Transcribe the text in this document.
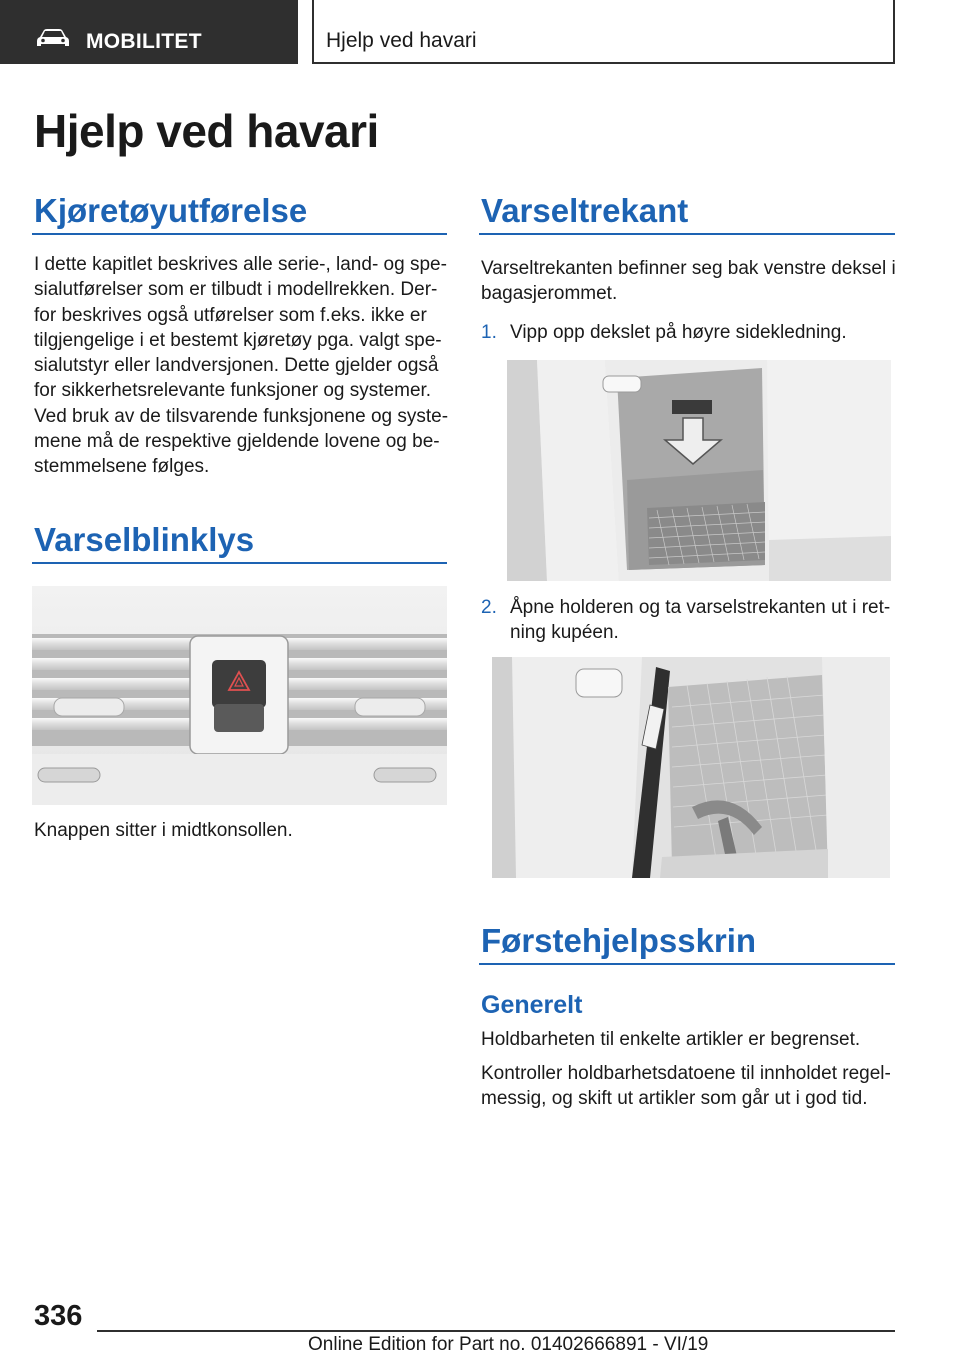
MOBILITET	Hjelp ved havari
Hjelp ved havari
Kjøretøyutførelse
I dette kapitlet beskrives alle serie-, land- og spe-
sialutførelser som er tilbudt i modellrekken. Der-
for beskrives også utførelser som f.eks. ikke er
tilgjengelige i et bestemt kjøretøy pga. valgt spe-
sialutstyr eller landversjonen. Dette gjelder også
for sikkerhetsrelevante funksjoner og systemer.
Ved bruk av de tilsvarende funksjonene og syste-
mene må de respektive gjeldende lovene og be-
stemmelsene følges.
Varselblinklys
Knappen sitter i midtkonsollen.
Varseltrekant
Varseltrekanten befinner seg bak venstre deksel i
bagasjerommet.
1. Vipp opp dekslet på høyre sidekledning.
2. Åpne holderen og ta varselstrekanten ut i ret-
ning kupéen.
Førstehjelpsskrin
Generelt
Holdbarheten til enkelte artikler er begrenset.
Kontroller holdbarhetsdatoene til innholdet regel-
messig, og skift ut artikler som går ut i god tid.
336
Online Edition for Part no. 01402666891 - VI/19
